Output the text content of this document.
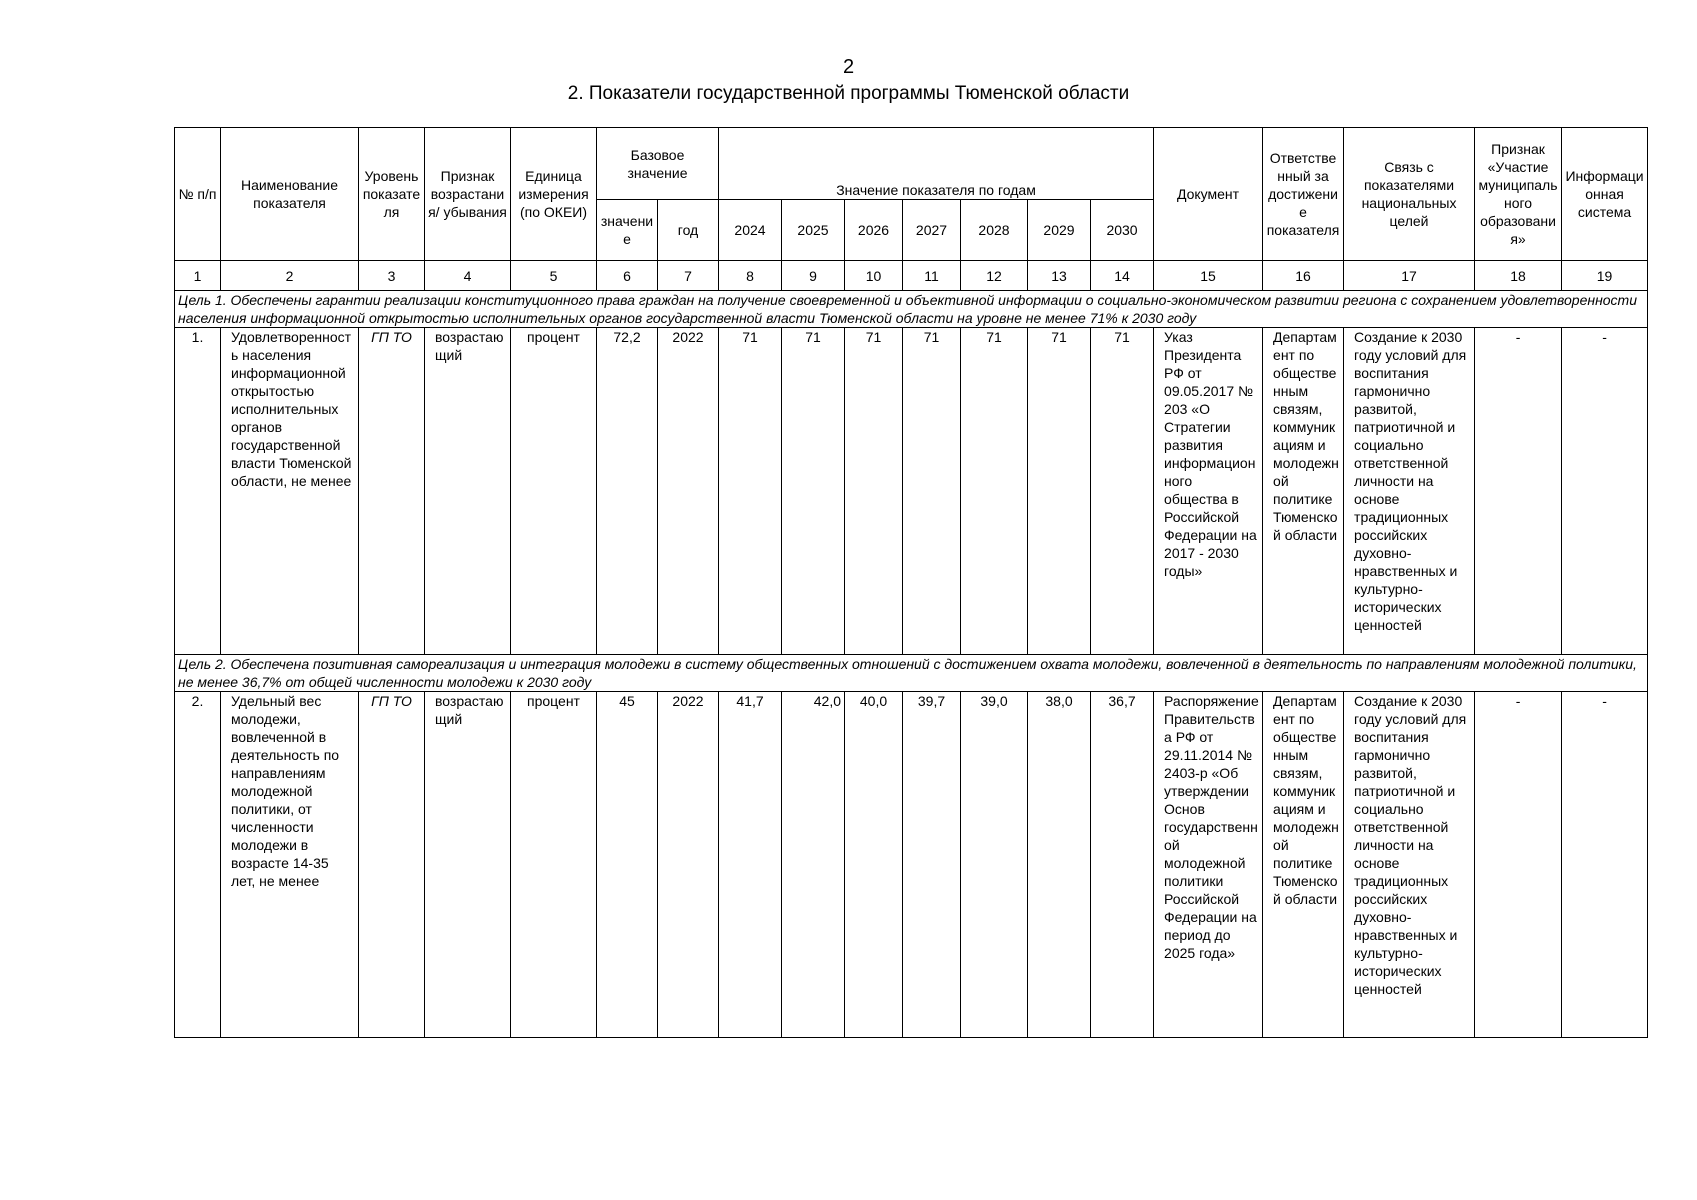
2
2. Показатели государственной программы Тюменской области
№ п/п	Наименование показателя	Уровень показателя	Признак возрастания/ убывания	Единица измерения (по ОКЕИ)	Базовое значение		Значение показателя по годам							Документ	Ответственный за достижение показателя	Связь с показателями национальных целей	Признак «Участие муниципального образования»	Информационная система
					значение	год	2024	2025	2026	2027	2028	2029	2030					
1	2	3	4	5	6	7	8	9	10	11	12	13	14	15	16	17	18	19
Цель 1. Обеспечены гарантии реализации конституционного права граждан на получение своевременной и объективной информации о социально-экономическом развитии региона с сохранением удовлетворенности населения информационной открытостью исполнительных органов государственной власти Тюменской области на уровне не менее 71% к 2030 году																		
1.	Удовлетворенность населения информационной открытостью исполнительных органов государственной власти Тюменской области, не менее	ГП ТО	возрастающий	процент	72,2	2022	71	71	71	71	71	71	71	Указ Президента РФ от 09.05.2017 № 203 «О Стратегии развития информационного общества в Российской Федерации на 2017 - 2030 годы»	Департамент по общественным связям, коммуникациям и молодежной политике Тюменской области	Создание к 2030 году условий для воспитания гармонично развитой, патриотичной и социально ответственной личности на основе традиционных российских духовно-нравственных и культурно-исторических ценностей	-	-
Цель 2. Обеспечена позитивная самореализация и интеграция молодежи в систему общественных отношений с достижением охвата молодежи, вовлеченной в деятельность по направлениям молодежной политики, не менее 36,7% от общей численности молодежи к 2030 году																		
2.	Удельный вес молодежи, вовлеченной в деятельность по направлениям молодежной политики, от численности молодежи в возрасте 14-35 лет, не менее	ГП ТО	возрастающий	процент	45	2022	41,7	42,0	40,0	39,7	39,0	38,0	36,7	Распоряжение Правительства РФ от 29.11.2014 № 2403-р «Об утверждении Основ государственной молодежной политики Российской Федерации на период до 2025 года»	Департамент по общественным связям, коммуникациям и молодежной политике Тюменской области	Создание к 2030 году условий для воспитания гармонично развитой, патриотичной и социально ответственной личности на основе традиционных российских духовно-нравственных и культурно-исторических ценностей	-	-
